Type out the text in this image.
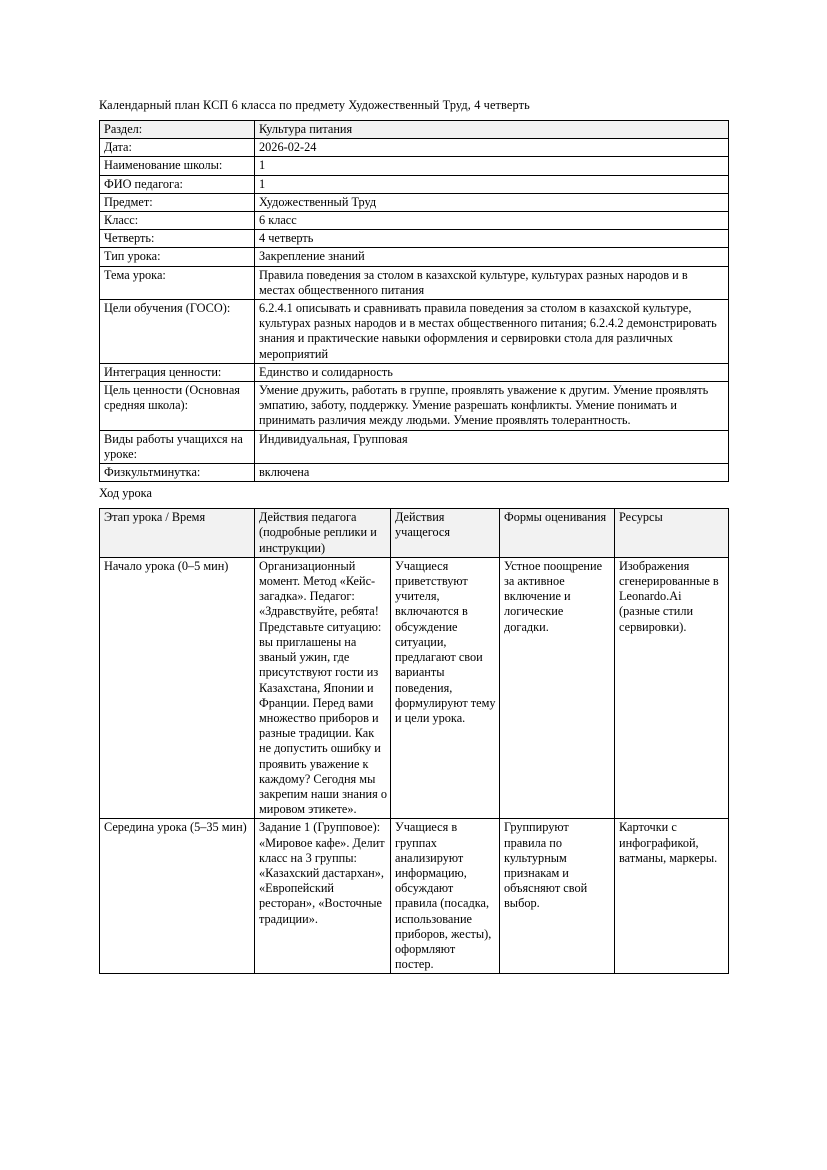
Календарный план КСП 6 класса по предмету Художественный Труд, 4 четверть

Раздел:	Культура питания
Дата:	2026-02-24
Наименование школы:	1
ФИО педагога:	1
Предмет:	Художественный Труд
Класс:	6 класс
Четверть:	4 четверть
Тип урока:	Закрепление знаний
Тема урока:	Правила поведения за столом в казахской культуре, культурах разных народов и в местах общественного питания
Цели обучения (ГОСО):	6.2.4.1 описывать и сравнивать правила поведения за столом в казахской культуре, культурах разных народов и в местах общественного питания; 6.2.4.2 демонстрировать знания и практические навыки оформления и сервировки стола для различных мероприятий
Интеграция ценности:	Единство и солидарность
Цель ценности (Основная средняя школа):	Умение дружить, работать в группе, проявлять уважение к другим. Умение проявлять эмпатию, заботу, поддержку. Умение разрешать конфликты. Умение понимать и принимать различия между людьми. Умение проявлять толерантность.
Виды работы учащихся на уроке:	Индивидуальная, Групповая
Физкультминутка:	включена

Ход урока

Этап урока / Время	Действия педагога (подробные реплики и инструкции)	Действия учащегося	Формы оценивания	Ресурсы
Начало урока (0–5 мин)	Организационный момент. Метод «Кейс-загадка». Педагог: «Здравствуйте, ребята! Представьте ситуацию: вы приглашены на званый ужин, где присутствуют гости из Казахстана, Японии и Франции. Перед вами множество приборов и разные традиции. Как не допустить ошибку и проявить уважение к каждому? Сегодня мы закрепим наши знания о мировом этикете».	Учащиеся приветствуют учителя, включаются в обсуждение ситуации, предлагают свои варианты поведения, формулируют тему и цели урока.	Устное поощрение за активное включение и логические догадки.	Изображения сгенерированные в Leonardo.Ai (разные стили сервировки).
Середина урока (5–35 мин)	Задание 1 (Групповое): «Мировое кафе». Делит класс на 3 группы: «Казахский дастархан», «Европейский ресторан», «Восточные традиции».	Учащиеся в группах анализируют информацию, обсуждают правила (посадка, использование приборов, жесты), оформляют постер.	Группируют правила по культурным признакам и объясняют свой выбор.	Карточки с инфографикой, ватманы, маркеры.
